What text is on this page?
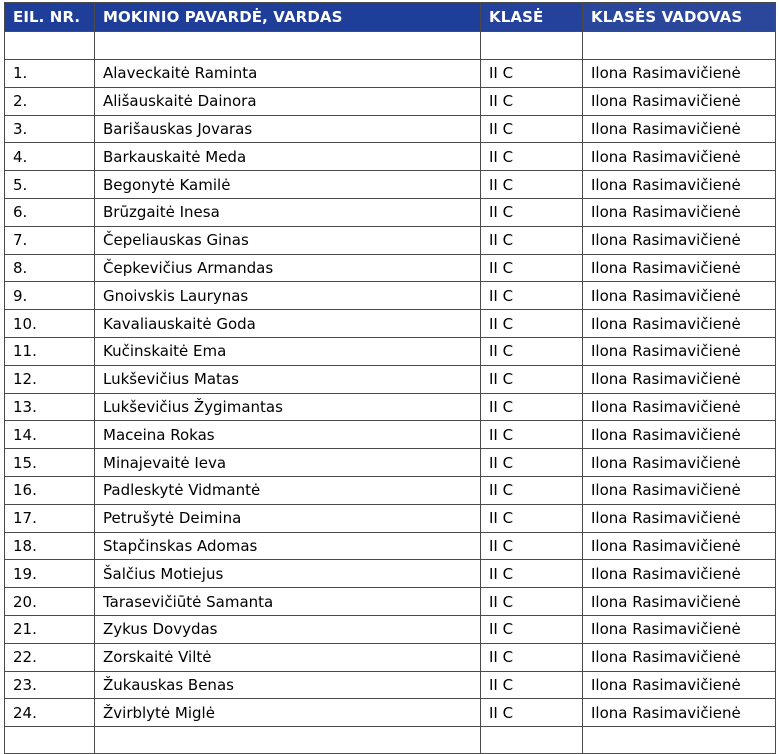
EIL. NR.	MOKINIO PAVARDĖ, VARDAS	KLASĖ	KLASĖS VADOVAS

1.	Alaveckaitė Raminta	II C	Ilona Rasimavičienė
2.	Ališauskaitė Dainora	II C	Ilona Rasimavičienė
3.	Barišauskas Jovaras	II C	Ilona Rasimavičienė
4.	Barkauskaitė Meda	II C	Ilona Rasimavičienė
5.	Begonytė Kamilė	II C	Ilona Rasimavičienė
6.	Brūzgaitė Inesa	II C	Ilona Rasimavičienė
7.	Čepeliauskas Ginas	II C	Ilona Rasimavičienė
8.	Čepkevičius Armandas	II C	Ilona Rasimavičienė
9.	Gnoivskis Laurynas	II C	Ilona Rasimavičienė
10.	Kavaliauskaitė Goda	II C	Ilona Rasimavičienė
11.	Kučinskaitė Ema	II C	Ilona Rasimavičienė
12.	Lukševičius Matas	II C	Ilona Rasimavičienė
13.	Lukševičius Žygimantas	II C	Ilona Rasimavičienė
14.	Maceina Rokas	II C	Ilona Rasimavičienė
15.	Minajevaitė Ieva	II C	Ilona Rasimavičienė
16.	Padleskytė Vidmantė	II C	Ilona Rasimavičienė
17.	Petrušytė Deimina	II C	Ilona Rasimavičienė
18.	Stapčinskas Adomas	II C	Ilona Rasimavičienė
19.	Šalčius Motiejus	II C	Ilona Rasimavičienė
20.	Tarasevičiūtė Samanta	II C	Ilona Rasimavičienė
21.	Zykus Dovydas	II C	Ilona Rasimavičienė
22.	Zorskaitė Viltė	II C	Ilona Rasimavičienė
23.	Žukauskas Benas	II C	Ilona Rasimavičienė
24.	Žvirblytė Miglė	II C	Ilona Rasimavičienė
